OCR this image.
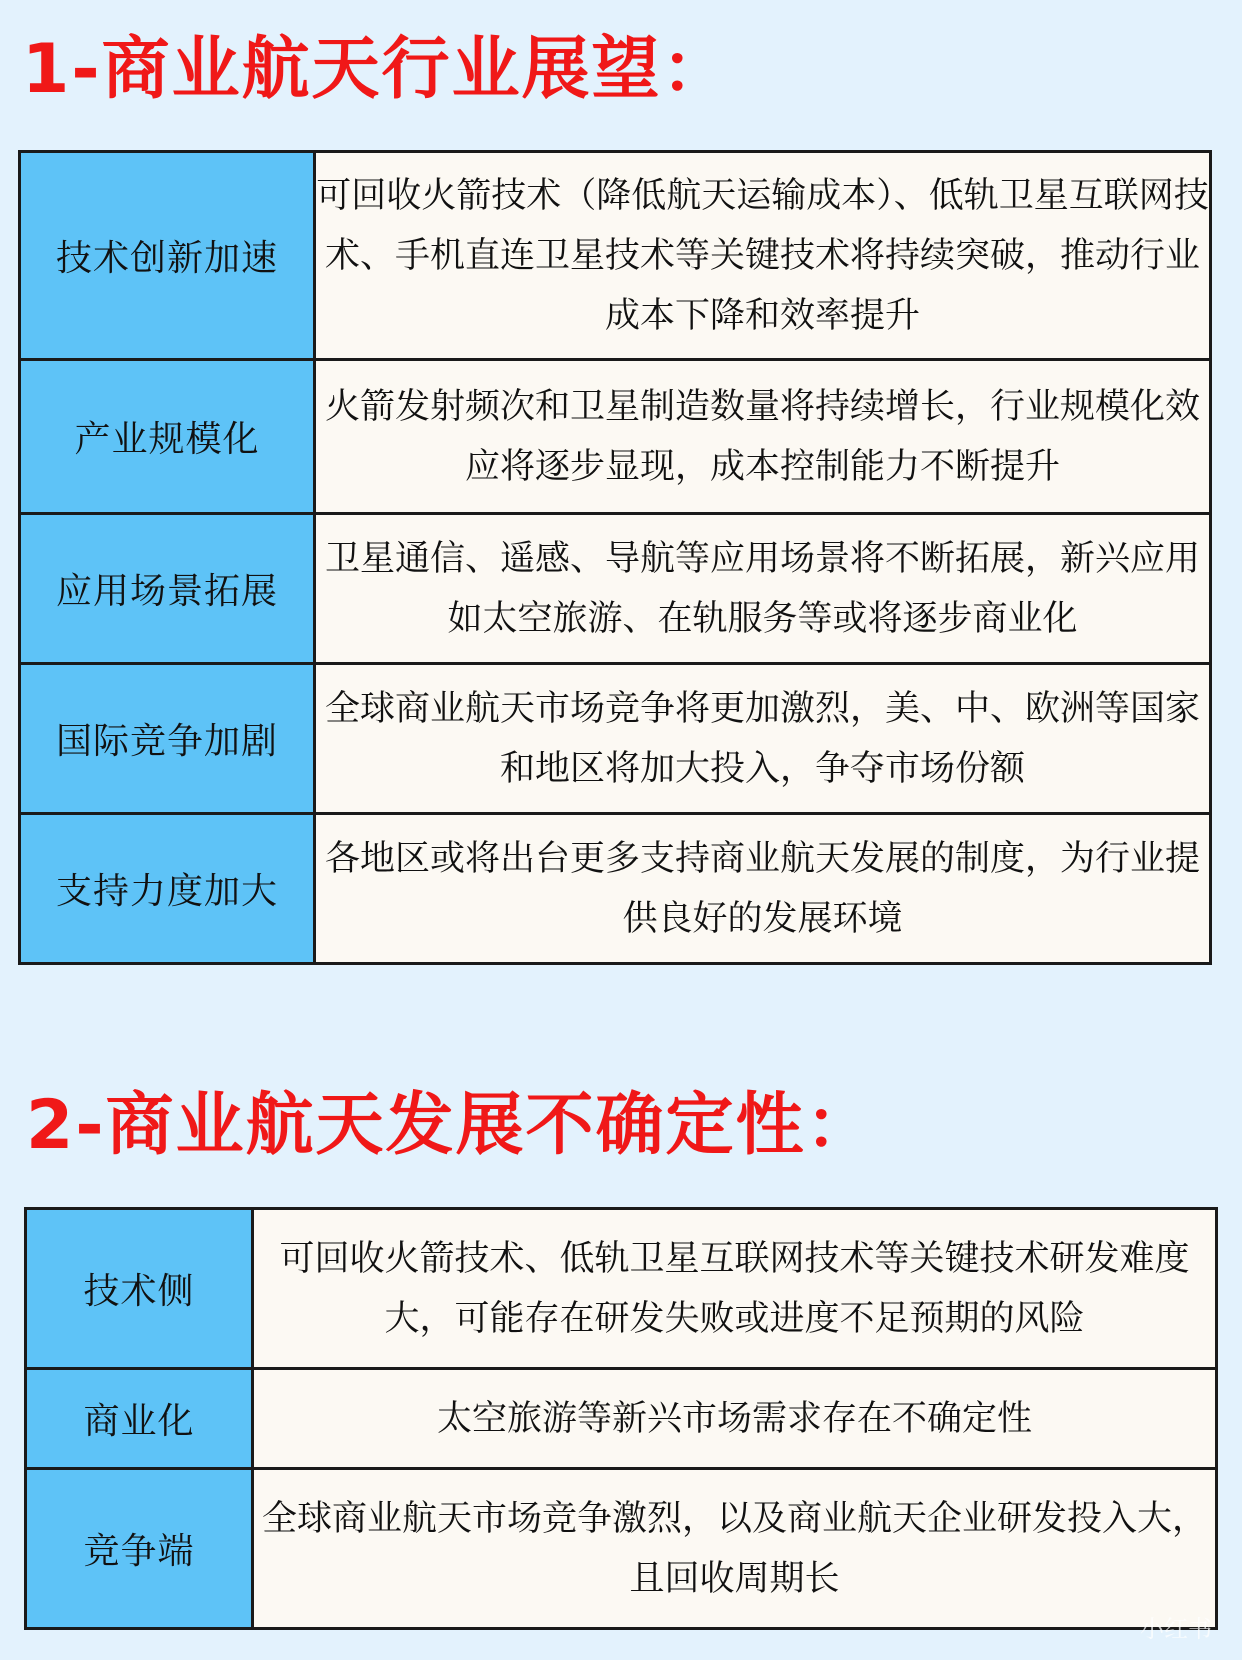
1-商业航天行业展望：
技术创新加速	可回收火箭技术（降低航天运输成本）、低轨卫星互联网技术、手机直连卫星技术等关键技术将持续突破，推动行业成本下降和效率提升
产业规模化	火箭发射频次和卫星制造数量将持续增长，行业规模化效应将逐步显现，成本控制能力不断提升
应用场景拓展	卫星通信、遥感、导航等应用场景将不断拓展，新兴应用如太空旅游、在轨服务等或将逐步商业化
国际竞争加剧	全球商业航天市场竞争将更加激烈，美、中、欧洲等国家和地区将加大投入，争夺市场份额
支持力度加大	各地区或将出台更多支持商业航天发展的制度，为行业提供良好的发展环境
2-商业航天发展不确定性：
技术侧	可回收火箭技术、低轨卫星互联网技术等关键技术研发难度大，可能存在研发失败或进度不足预期的风险
商业化	太空旅游等新兴市场需求存在不确定性
竞争端	全球商业航天市场竞争激烈，以及商业航天企业研发投入大，且回收周期长
小红书
